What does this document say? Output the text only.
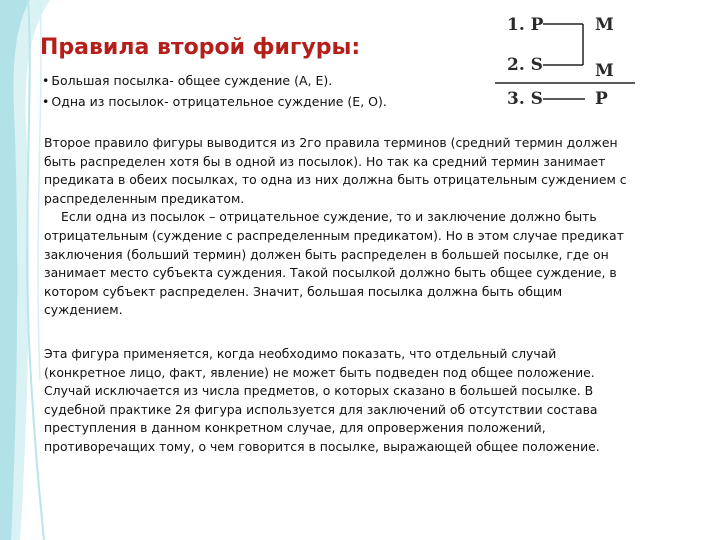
Правила второй фигуры:
• Большая посылка- общее суждение (A, E).
• Одна из посылок- отрицательное суждение (E, O).
1. P	M
2. S	M
3. S	P
Второе правило фигуры выводится из 2го правила терминов (средний термин должен
быть распределен хотя бы в одной из посылок). Но так ка средний термин занимает
предиката в обеих посылках, то одна из них должна быть отрицательным суждением с
распределенным предикатом.
Если одна из посылок – отрицательное суждение, то и заключение должно быть
отрицательным (суждение с распределенным предикатом). Но в этом случае предикат
заключения (больший термин) должен быть распределен в большей посылке, где он
занимает место субъекта суждения. Такой посылкой должно быть общее суждение, в
котором субъект распределен. Значит, большая посылка должна быть общим
суждением.
Эта фигура применяется, когда необходимо показать, что отдельный случай
(конкретное лицо, факт, явление) не может быть подведен под общее положение.
Случай исключается из числа предметов, о которых сказано в большей посылке. В
судебной практике 2я фигура используется для заключений об отсутствии состава
преступления в данном конкретном случае, для опровержения положений,
противоречащих тому, о чем говорится в посылке, выражающей общее положение.
